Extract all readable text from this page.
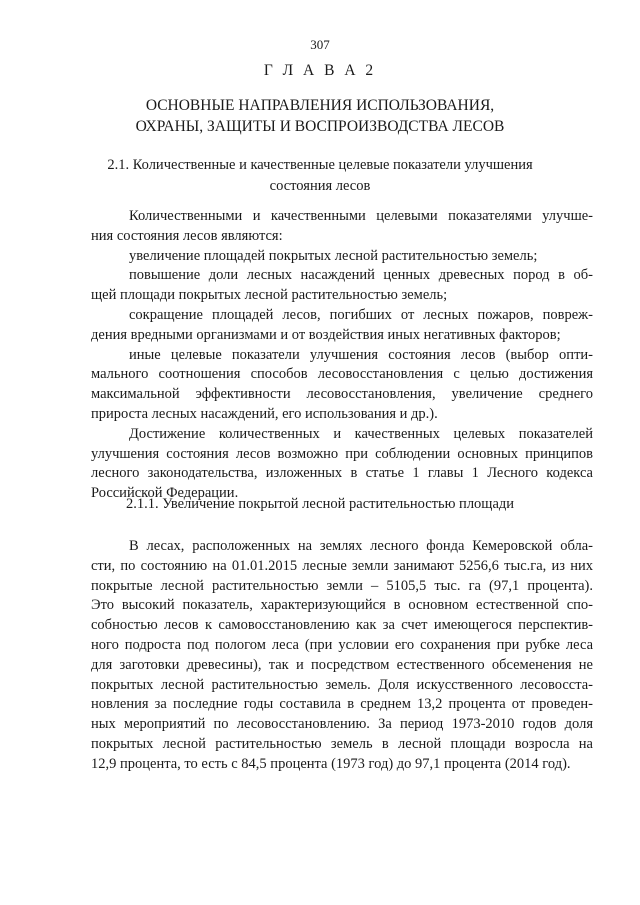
307
Г Л А В А 2
ОСНОВНЫЕ НАПРАВЛЕНИЯ ИСПОЛЬЗОВАНИЯ,
ОХРАНЫ, ЗАЩИТЫ И ВОСПРОИЗВОДСТВА ЛЕСОВ
2.1. Количественные и качественные целевые показатели улучшения
состояния лесов
Количественными и качественными целевыми показателями улучше-
ния состояния лесов являются:
увеличение площадей покрытых лесной растительностью земель;
повышение доли лесных насаждений ценных древесных пород в об-
щей площади покрытых лесной растительностью земель;
сокращение площадей лесов, погибших от лесных пожаров, повреж-
дения вредными организмами и от воздействия иных негативных факторов;
иные целевые показатели улучшения состояния лесов (выбор опти-
мального соотношения способов лесовосстановления с целью достижения
максимальной эффективности лесовосстановления, увеличение среднего
прироста лесных насаждений, его использования и др.).
Достижение количественных и качественных целевых показателей
улучшения состояния лесов возможно при соблюдении основных принципов
лесного законодательства, изложенных в статье 1 главы 1 Лесного кодекса
Российской Федерации.
2.1.1. Увеличение покрытой лесной растительностью площади
В лесах, расположенных на землях лесного фонда Кемеровской обла-
сти, по состоянию на 01.01.2015 лесные земли занимают 5256,6 тыс.га, из них
покрытые лесной растительностью земли – 5105,5 тыс. га (97,1 процента).
Это высокий показатель, характеризующийся в основном естественной спо-
собностью лесов к самовосстановлению как за счет имеющегося перспектив-
ного подроста под пологом леса (при условии его сохранения при рубке леса
для заготовки древесины), так и посредством естественного обсеменения не
покрытых лесной растительностью земель. Доля искусственного лесовосста-
новления за последние годы составила в среднем 13,2 процента от проведен-
ных мероприятий по лесовосстановлению. За период 1973-2010 годов доля
покрытых лесной растительностью земель в лесной площади возросла на
12,9 процента, то есть с 84,5 процента (1973 год) до 97,1 процента (2014 год).
